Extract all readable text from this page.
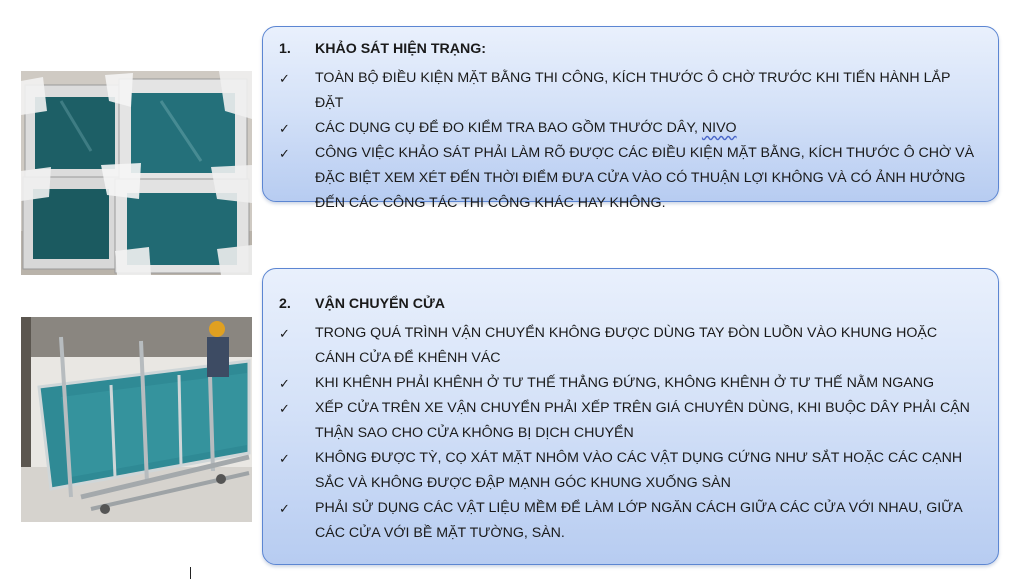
1.	KHẢO SÁT HIỆN TRẠNG:
✓	TOÀN BỘ ĐIỀU KIỆN MẶT BẰNG THI CÔNG, KÍCH THƯỚC Ô CHỜ TRƯỚC KHI TIẾN HÀNH LẮP ĐẶT
✓	CÁC DỤNG CỤ ĐỂ ĐO KIỂM TRA BAO GỒM THƯỚC DÂY, NIVO
✓	CÔNG VIỆC KHẢO SÁT PHẢI LÀM RÕ ĐƯỢC CÁC ĐIỀU KIỆN MẶT BẰNG, KÍCH THƯỚC Ô CHỜ VÀ ĐẶC BIỆT XEM XÉT ĐẾN THỜI ĐIỂM ĐƯA CỬA VÀO CÓ THUẬN LỢI KHÔNG VÀ CÓ ẢNH HƯỞNG ĐẾN CÁC CÔNG TÁC THI CÔNG KHÁC HAY KHÔNG.
2.	VẬN CHUYỂN CỬA
✓	TRONG QUÁ TRÌNH VẬN CHUYỂN KHÔNG ĐƯỢC DÙNG TAY ĐÒN LUỒN VÀO KHUNG HOẶC CÁNH CỬA ĐỂ KHÊNH VÁC
✓	KHI KHÊNH PHẢI KHÊNH Ở TƯ THẾ THẲNG ĐỨNG, KHÔNG KHÊNH Ở TƯ THẾ NẰM NGANG
✓	XẾP CỬA TRÊN XE VẬN CHUYỂN PHẢI XẾP TRÊN GIÁ CHUYÊN DÙNG, KHI BUỘC DÂY PHẢI CẬN THẬN SAO CHO CỬA KHÔNG BỊ DỊCH CHUYỂN
✓	KHÔNG ĐƯỢC TỲ, CỌ XÁT MẶT NHÔM VÀO CÁC VẬT DỤNG CỨNG NHƯ SẮT HOẶC CÁC CẠNH SẮC VÀ KHÔNG ĐƯỢC ĐẬP MẠNH GÓC KHUNG XUỐNG SÀN
✓	PHẢI SỬ DỤNG CÁC VẬT LIỆU MỀM ĐỂ LÀM LỚP NGĂN CÁCH GIỮA CÁC CỬA VỚI NHAU, GIỮA CÁC CỬA VỚI BỀ MẶT TƯỜNG, SÀN.
